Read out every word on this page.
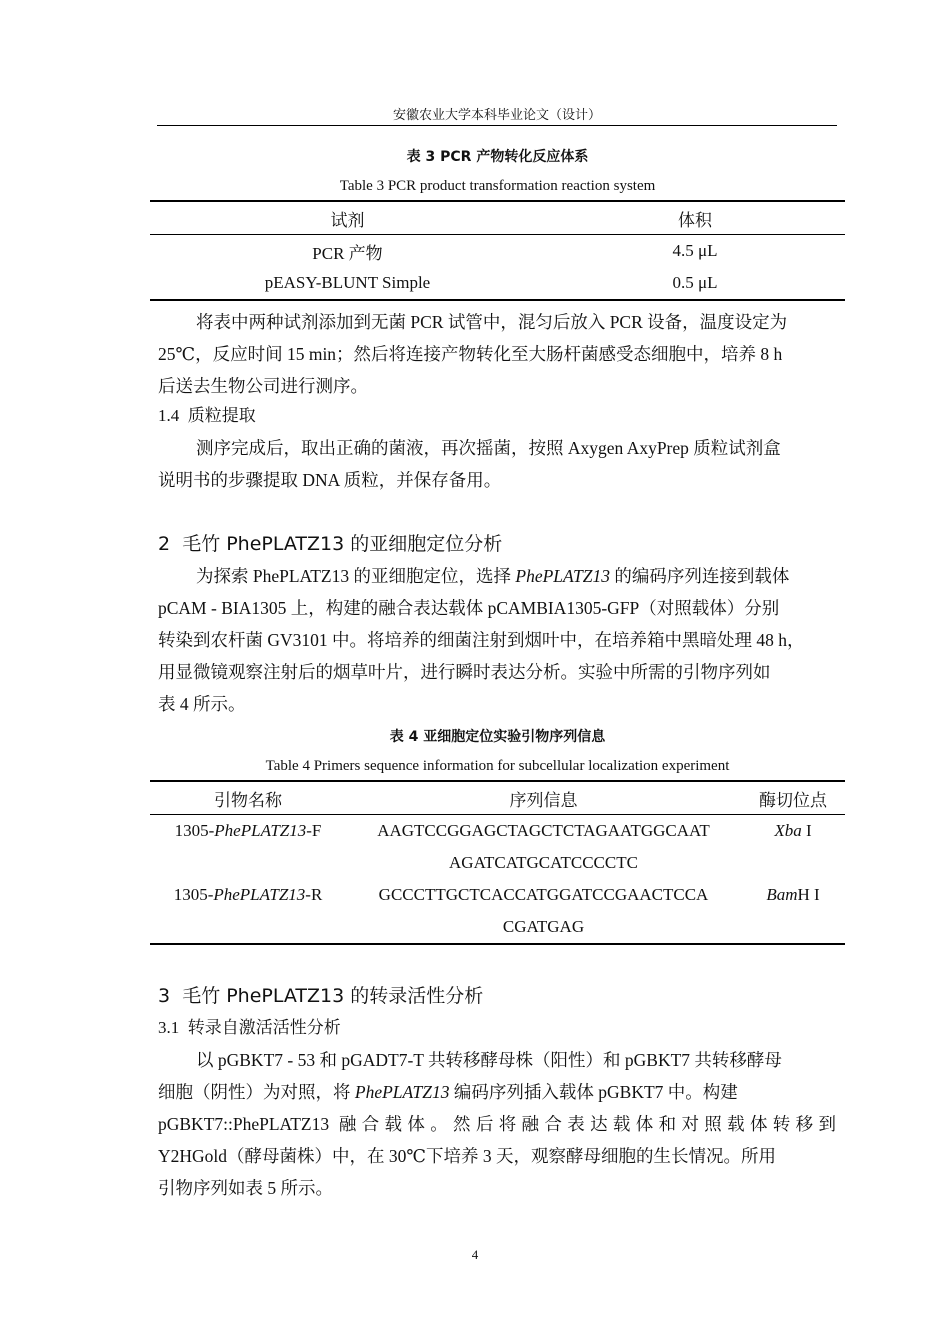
安徽农业大学本科毕业论文（设计）
表 3 PCR 产物转化反应体系
Table 3 PCR product transformation reaction system
试剂	体积
PCR 产物	4.5 μL
pEASY-BLUNT Simple	0.5 μL
将表中两种试剂添加到无菌 PCR 试管中，混匀后放入 PCR 设备，温度设定为
25℃，反应时间 15 min；然后将连接产物转化至大肠杆菌感受态细胞中，培养 8 h
后送去生物公司进行测序。
1.4 质粒提取
测序完成后，取出正确的菌液，再次摇菌，按照 Axygen AxyPrep 质粒试剂盒
说明书的步骤提取 DNA 质粒，并保存备用。
2 毛竹 PhePLATZ13 的亚细胞定位分析
为探索 PhePLATZ13 的亚细胞定位，选择 PhePLATZ13 的编码序列连接到载体
pCAM - BIA1305 上，构建的融合表达载体 pCAMBIA1305-GFP（对照载体）分别
转染到农杆菌 GV3101 中。将培养的细菌注射到烟叶中，在培养箱中黑暗处理 48 h，
用显微镜观察注射后的烟草叶片，进行瞬时表达分析。实验中所需的引物序列如
表 4 所示。
表 4 亚细胞定位实验引物序列信息
Table 4 Primers sequence information for subcellular localization experiment
引物名称	序列信息	酶切位点
1305-PhePLATZ13-F	AAGTCCGGAGCTAGCTCTAGAATGGCAAT	Xba I
	AGATCATGCATCCCCTC	
1305-PhePLATZ13-R	GCCCTTGCTCACCATGGATCCGAACTCCA	BamH I
	CGATGAG	
3 毛竹 PhePLATZ13 的转录活性分析
3.1 转录自激活活性分析
以 pGBKT7 - 53 和 pGADT7-T 共转移酵母株（阳性）和 pGBKT7 共转移酵母
细胞（阴性）为对照，将 PhePLATZ13 编码序列插入载体 pGBKT7 中。构建
pGBKT7::PhePLATZ13 融合载体。然后将融合表达载体和对照载体转移到
Y2HGold（酵母菌株）中，在 30℃下培养 3 天，观察酵母细胞的生长情况。所用
引物序列如表 5 所示。
4
